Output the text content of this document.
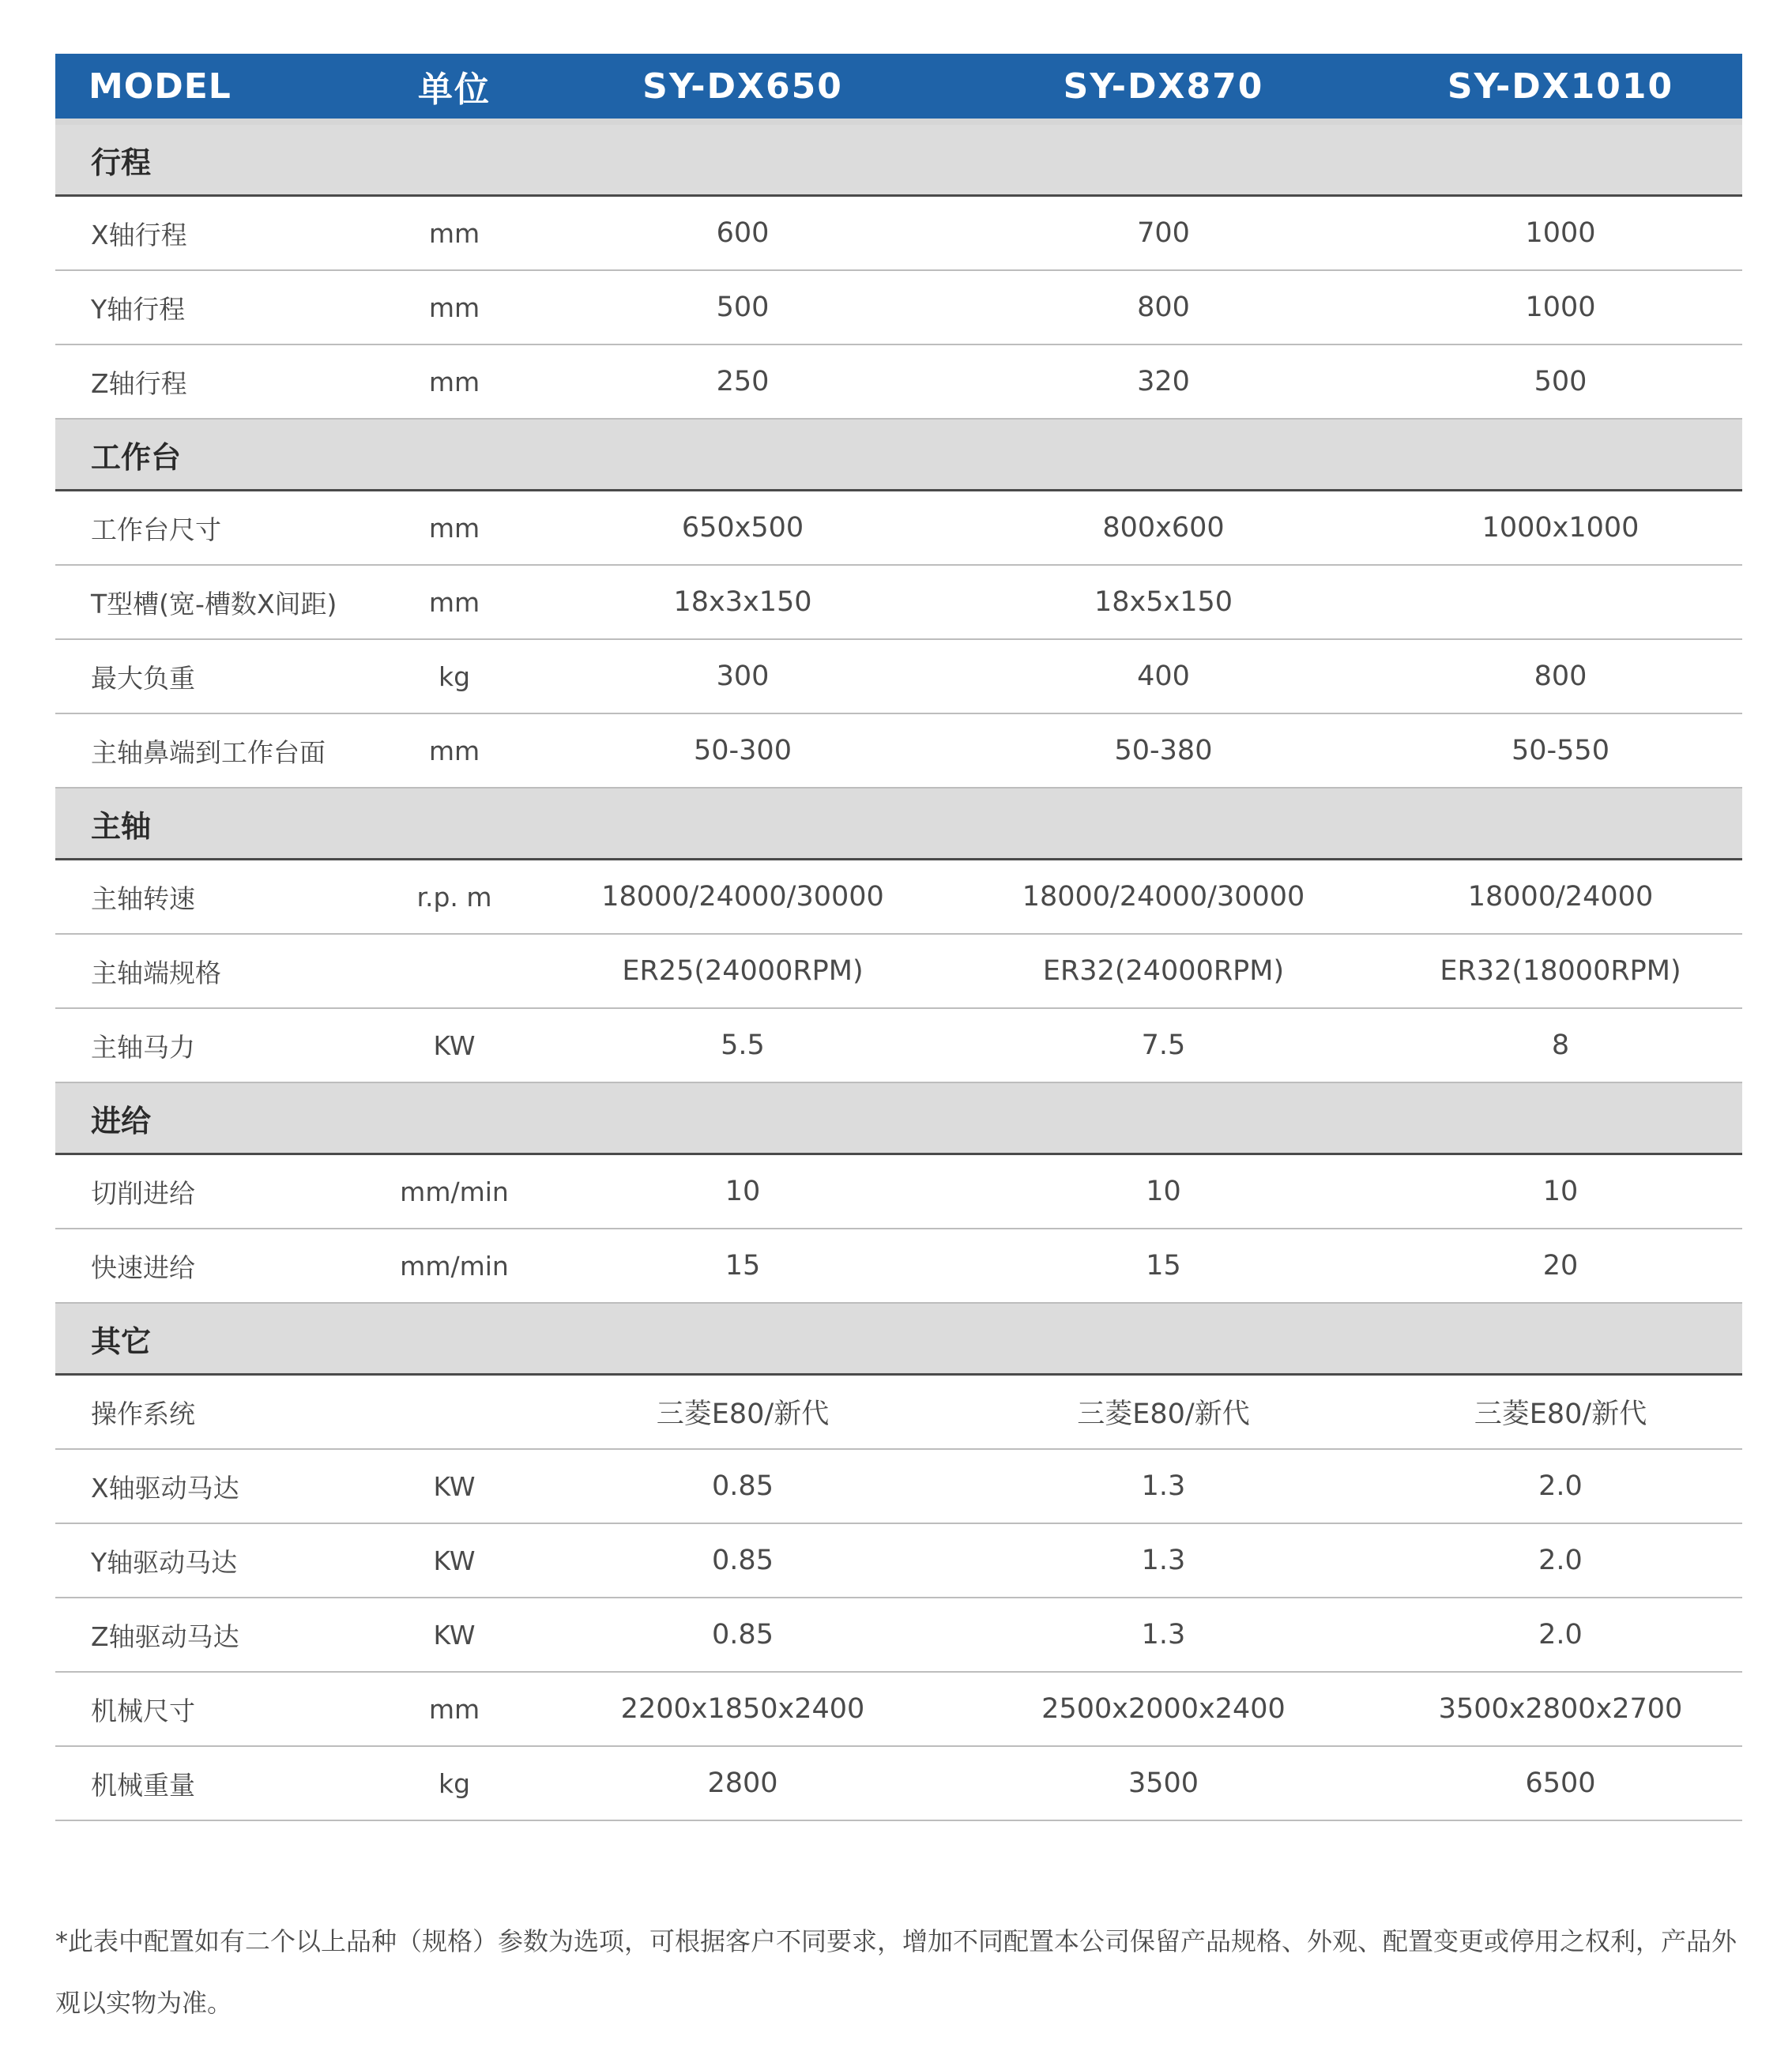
MODEL	单位	SY-DX650	SY-DX870	SY-DX1010
行程				
X轴行程	mm	600	700	1000
Y轴行程	mm	500	800	1000
Z轴行程	mm	250	320	500
工作台				
工作台尺寸	mm	650x500	800x600	1000x1000
T型槽(宽-槽数X间距)	mm	18x3x150	18x5x150	
最大负重	kg	300	400	800
主轴鼻端到工作台面	mm	50-300	50-380	50-550
主轴				
主轴转速	r.p. m	18000/24000/30000	18000/24000/30000	18000/24000
主轴端规格		ER25(24000RPM)	ER32(24000RPM)	ER32(18000RPM)
主轴马力	KW	5.5	7.5	8
进给				
切削进给	mm/min	10	10	10
快速进给	mm/min	15	15	20
其它				
操作系统		三菱E80/新代	三菱E80/新代	三菱E80/新代
X轴驱动马达	KW	0.85	1.3	2.0
Y轴驱动马达	KW	0.85	1.3	2.0
Z轴驱动马达	KW	0.85	1.3	2.0
机械尺寸	mm	2200x1850x2400	2500x2000x2400	3500x2800x2700
机械重量	kg	2800	3500	6500

*此表中配置如有二个以上品种（规格）参数为选项，可根据客户不同要求，增加不同配置本公司保留产品规格、外观、配置变更或停用之权利，产品外观以实物为准。
